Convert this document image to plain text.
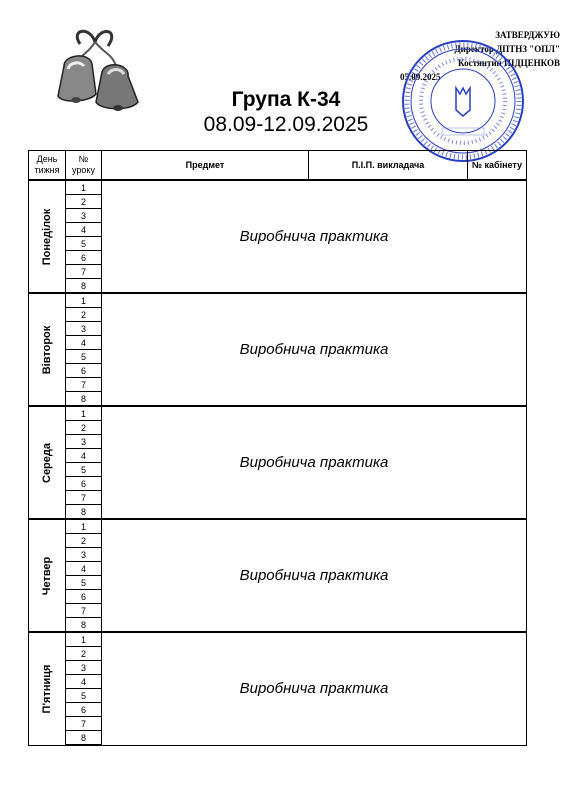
ЗАТВЕРДЖУЮ
Директор ДПТНЗ "ОПЛ"
Костянтин ПІДЦЕНКОВ
05.09.2025
Група К-34
08.09-12.09.2025
День тижня	№ уроку	Предмет	П.І.П. викладача	№ кабінету

Понеділок	1	Виробнича практика		
	2			
	3			
	4			
	5			
	6			
	7			
	8			

Вівторок	1	Виробнича практика		
	2			
	3			
	4			
	5			
	6			
	7			
	8			

Середа	1	Виробнича практика		
	2			
	3			
	4			
	5			
	6			
	7			
	8			

Четвер	1	Виробнича практика		
	2			
	3			
	4			
	5			
	6			
	7			
	8			

П'ятниця	1	Виробнича практика		
	2			
	3			
	4			
	5			
	6			
	7			
	8			
